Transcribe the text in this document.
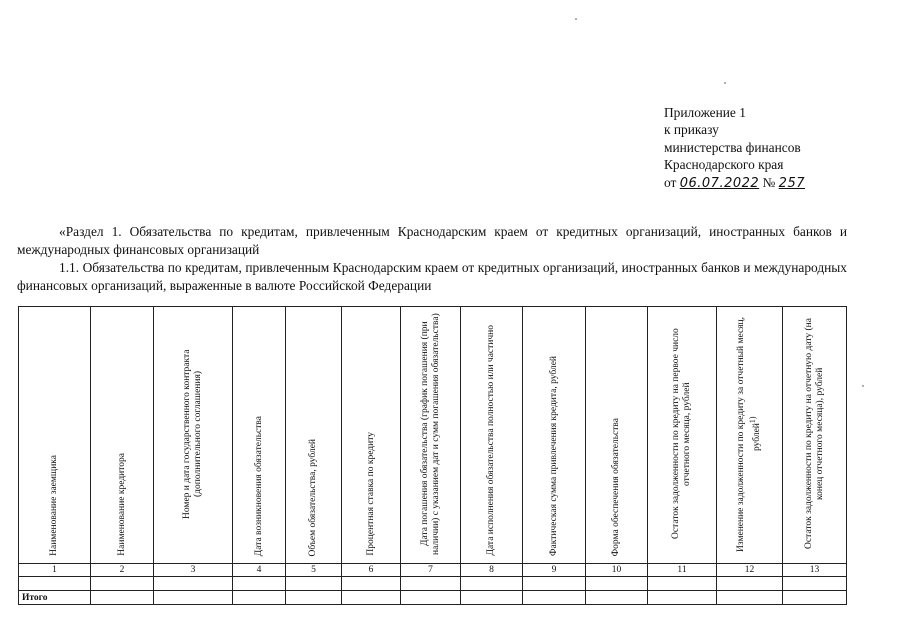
Приложение 1
к приказу
министерства финансов
Краснодарского края
от 06.07.2022 № 257
«Раздел 1. Обязательства по кредитам, привлеченным Краснодарским краем от кредитных организаций, иностранных банков и международных финансовых организаций
1.1. Обязательства по кредитам, привлеченным Краснодарским краем от кредитных организаций, иностранных банков и международных финансовых организаций, выраженные в валюте Российской Федерации
Наименование заемщика	Наименование кредитора	Номер и дата государственного контракта (дополнительного соглашения)	Дата возникновения обязательства	Объем обязательства, рублей	Процентная ставка по кредиту	Дата погашения обязательства (график погашения (при наличии) с указанием дат и сумм погашения обязательства)	Дата исполнения обязательства полностью или частично	Фактическая сумма привлечения кредита, рублей	Форма обеспечения обязательства	Остаток задолженности по кредиту на первое число отчетного месяца, рублей	Изменение задолженности по кредиту за отчетный месяц, рублей$^{1)}$	Остаток задолженности по кредиту на отчетную дату (на конец отчетного месяца), рублей

1	2	3	4	5	6	7	8	9	10	11	12	13

Итого												
